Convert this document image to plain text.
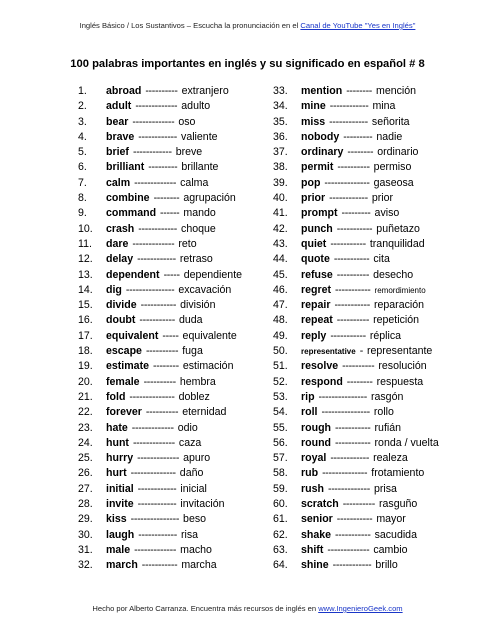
Inglés Básico / Los Sustantivos – Escucha la pronunciación en el Canal de YouTube "Yes en Inglés"
100 palabras importantes en inglés y su significado en español # 8
1.	abroad ---------- extranjero
2.	adult ------------- adulto
3.	bear ------------- oso
4.	brave ------------ valiente
5.	brief ------------ breve
6.	brilliant --------- brillante
7.	calm ------------- calma
8.	combine -------- agrupación
9.	command ------ mando
10.	crash ------------ choque
11.	dare ------------- reto
12.	delay ------------ retraso
13.	dependent ----- dependiente
14.	dig --------------- excavación
15.	divide ----------- división
16.	doubt ----------- duda
17.	equivalent ----- equivalente
18.	escape ---------- fuga
19.	estimate -------- estimación
20.	female ---------- hembra
21.	fold -------------- doblez
22.	forever ---------- eternidad
23.	hate ------------- odio
24.	hunt ------------- caza
25.	hurry ------------- apuro
26.	hurt -------------- daño
27.	initial ------------ inicial
28.	invite ------------ invitación
29.	kiss --------------- beso
30.	laugh ------------ risa
31.	male ------------- macho
32.	march ----------- marcha
33.	mention -------- mención
34.	mine ------------ mina
35.	miss ------------ señorita
36.	nobody --------- nadie
37.	ordinary -------- ordinario
38.	permit ---------- permiso
39.	pop -------------- gaseosa
40.	prior ------------ prior
41.	prompt --------- aviso
42.	punch ----------- puñetazo
43.	quiet ----------- tranquilidad
44.	quote ----------- cita
45.	refuse ---------- desecho
46.	regret ----------- remordimiento
47.	repair ----------- reparación
48.	repeat ---------- repetición
49.	reply ----------- réplica
50.	representative - representante
51.	resolve ---------- resolución
52.	respond -------- respuesta
53.	rip --------------- rasgón
54.	roll --------------- rollo
55.	rough ----------- rufián
56.	round ----------- ronda / vuelta
57.	royal ------------ realeza
58.	rub -------------- frotamiento
59.	rush ------------- prisa
60.	scratch ---------- rasguño
61.	senior ----------- mayor
62.	shake ----------- sacudida
63.	shift ------------- cambio
64.	shine ------------ brillo
Hecho por Alberto Carranza. Encuentra más recursos de inglés en www.IngenieroGeek.com
